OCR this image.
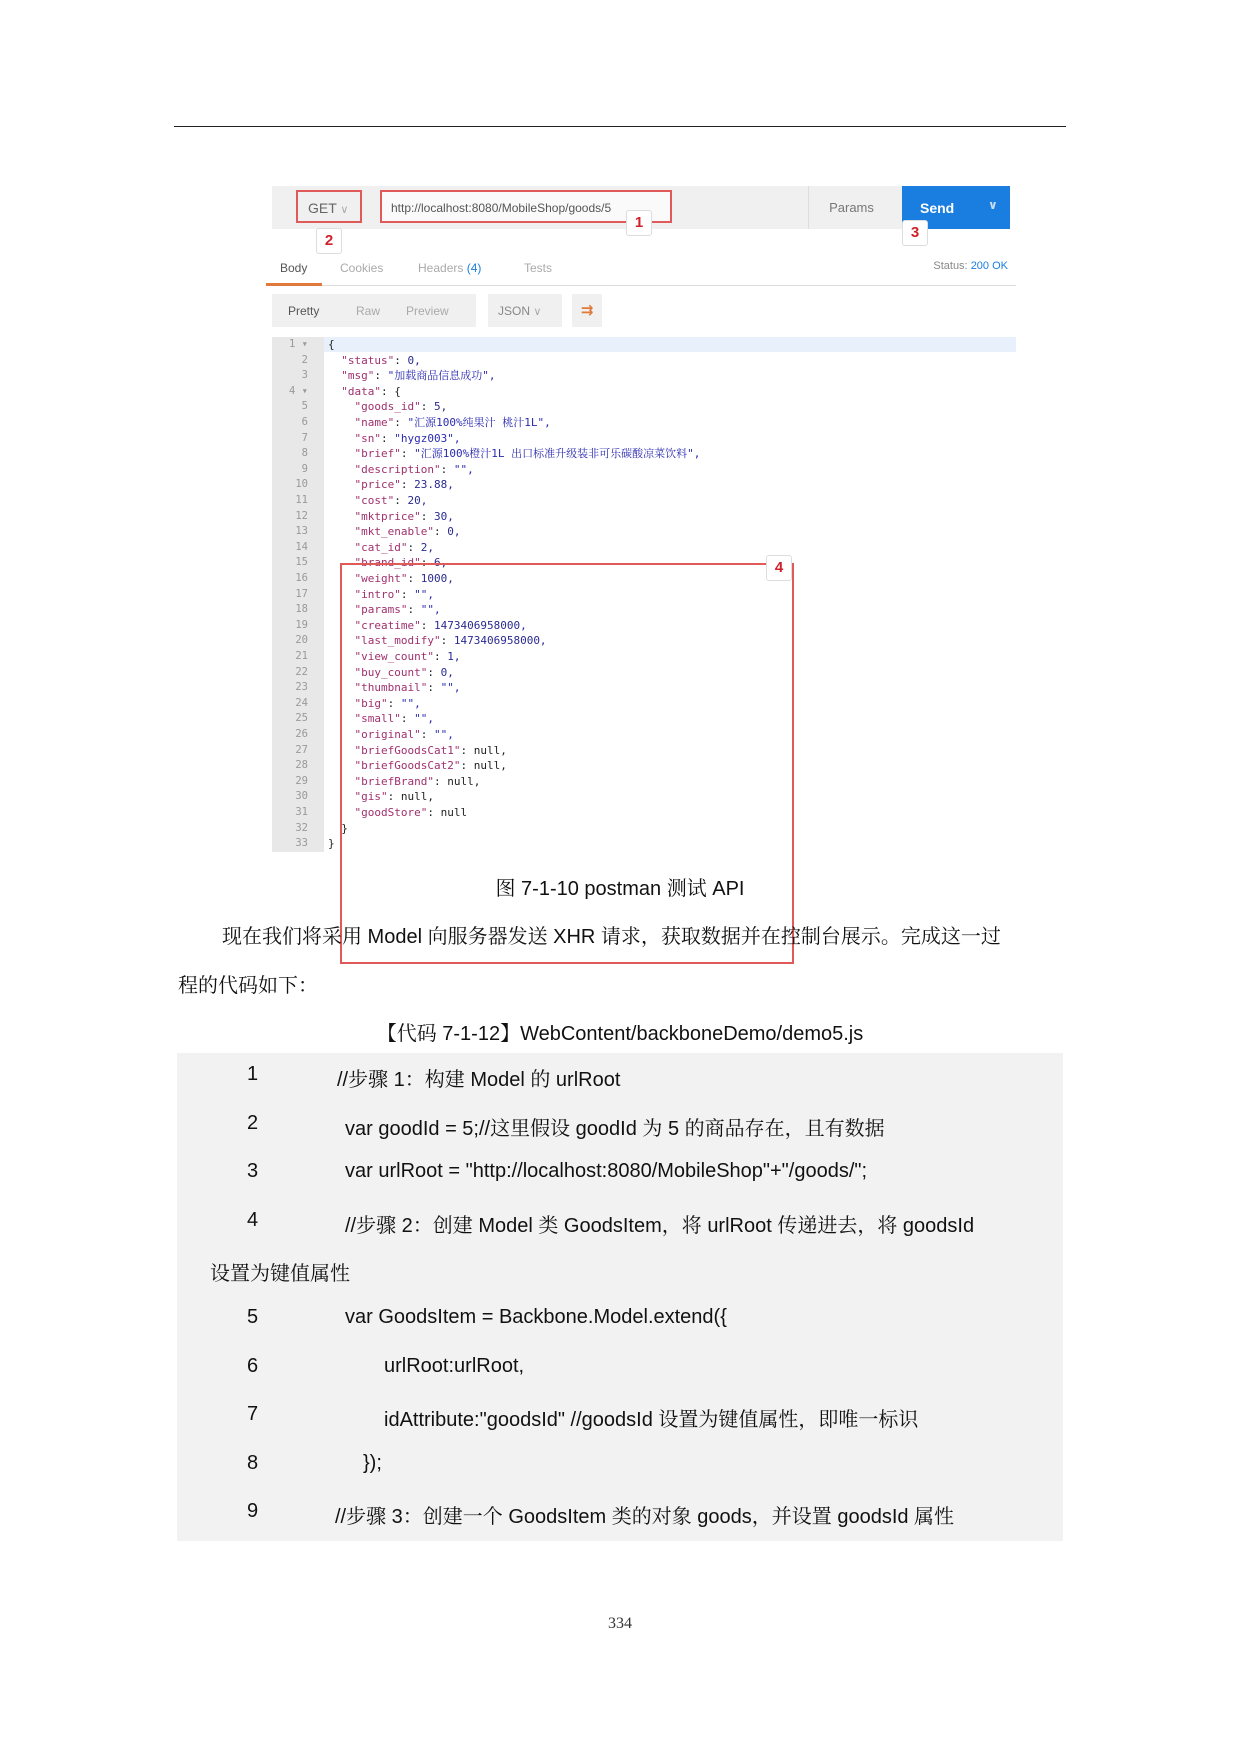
GET ∨	http://localhost:8080/MobileShop/goods/5	Params	Send	∨
1
2	3
Body	Cookies	Headers (4)	Tests	Status: 200 OK
Pretty	Raw Preview	JSON ∨	⇉
1 ▾ {
2	"status": 0,
3	"msg": "加载商品信息成功",
4 ▾	"data": {
5	"goods_id": 5,
6	"name": "汇源100%纯果汁 桃汁1L",
7	"sn": "hygz003",
8	"brief": "汇源100%橙汁1L 出口标准升级装非可乐碳酸凉菜饮料",
9	"description": "",
10	"price": 23.88,
11	"cost": 20,
12	"mktprice": 30,
13	"mkt_enable": 0,
14	"cat_id": 2,
15	"brand_id": 6,
16	"weight": 1000,
17	"intro": "",
18	"params": "",
19	"creatime": 1473406958000,
20	"last_modify": 1473406958000,
21	"view_count": 1,
22	"buy_count": 0,
23	"thumbnail": "",
24	"big": "",
25	"small": "",
26	"original": "",
27	"briefGoodsCat1": null,
28	"briefGoodsCat2": null,
29	"briefBrand": null,
30	"gis": null,
31	"goodStore": null
32	}
33 }
4
图 7-1-10 postman 测试 API
现在我们将采用 Model 向服务器发送 XHR 请求，获取数据并在控制台展示。完成这一过
程的代码如下：
【代码 7-1-12】WebContent/backboneDemo/demo5.js
1	//步骤 1：构建 Model 的 urlRoot
2	var goodId = 5;//这里假设 goodId 为 5 的商品存在，且有数据
3	var urlRoot = "http://localhost:8080/MobileShop"+"/goods/";
4	//步骤 2：创建 Model 类 GoodsItem，将 urlRoot 传递进去，将 goodsId
设置为键值属性
5	var GoodsItem = Backbone.Model.extend({
6	urlRoot:urlRoot,
7	idAttribute:"goodsId" //goodsId 设置为键值属性，即唯一标识
8	});
9	//步骤 3：创建一个 GoodsItem 类的对象 goods，并设置 goodsId 属性
334
